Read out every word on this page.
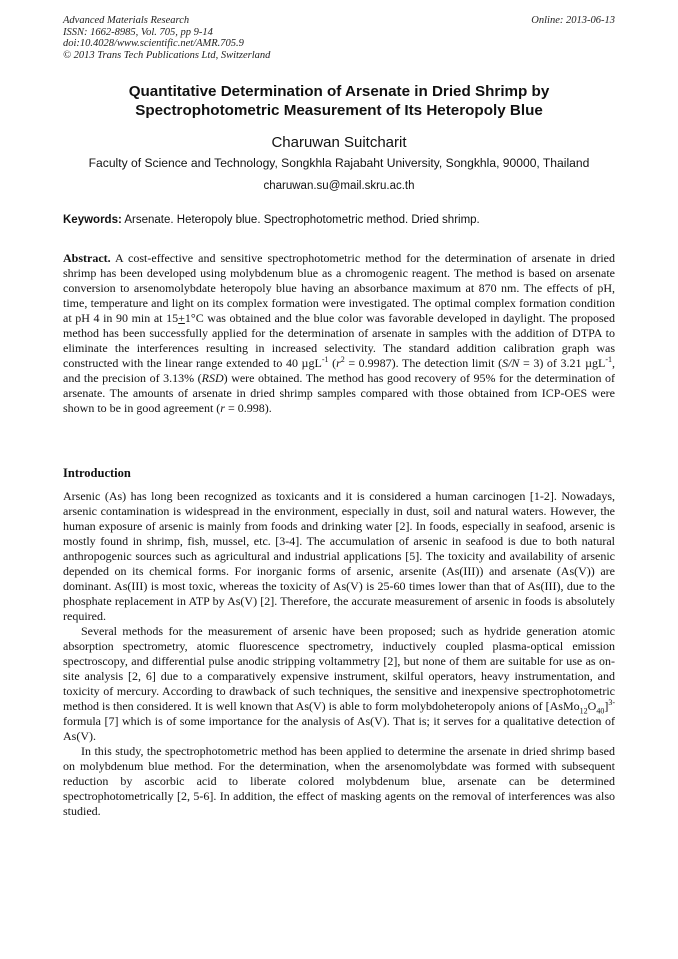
Advanced Materials Research
ISSN: 1662-8985, Vol. 705, pp 9-14
doi:10.4028/www.scientific.net/AMR.705.9
© 2013 Trans Tech Publications Ltd, Switzerland
Online: 2013-06-13
Quantitative Determination of Arsenate in Dried Shrimp by
Spectrophotometric Measurement of Its Heteropoly Blue
Charuwan Suitcharit
Faculty of Science and Technology, Songkhla Rajabaht University, Songkhla, 90000, Thailand
charuwan.su@mail.skru.ac.th
Keywords: Arsenate. Heteropoly blue. Spectrophotometric method. Dried shrimp.
Abstract. A cost-effective and sensitive spectrophotometric method for the determination of arsenate in dried shrimp has been developed using molybdenum blue as a chromogenic reagent. The method is based on arsenate conversion to arsenomolybdate heteropoly blue having an absorbance maximum at 870 nm. The effects of pH, time, temperature and light on its complex formation were investigated. The optimal complex formation condition at pH 4 in 90 min at 15+1°C was obtained and the blue color was favorable developed in daylight. The proposed method has been successfully applied for the determination of arsenate in samples with the addition of DTPA to eliminate the interferences resulting in increased selectivity. The standard addition calibration graph was constructed with the linear range extended to 40 µgL$^{-1}$ $(r^2 = 0.9987)$. The detection limit (S/N = 3) of 3.21 µgL$^{-1}$, and the precision of 3.13% (RSD) were obtained. The method has good recovery of 95% for the determination of arsenate. The amounts of arsenate in dried shrimp samples compared with those obtained from ICP-OES were shown to be in good agreement (r = 0.998).
Introduction

Arsenic (As) has long been recognized as toxicants and it is considered a human carcinogen [1-2]. Nowadays, arsenic contamination is widespread in the environment, especially in dust, soil and natural waters. However, the human exposure of arsenic is mainly from foods and drinking water [2]. In foods, especially in seafood, arsenic is mostly found in shrimp, fish, mussel, etc. [3-4]. The accumulation of arsenic in seafood is due to both natural anthropogenic sources such as agricultural and industrial applications [5]. The toxicity and availability of arsenic depended on its chemical forms. For inorganic forms of arsenic, arsenite (As(III)) and arsenate (As(V)) are dominant. As(III) is most toxic, whereas the toxicity of As(V) is 25-60 times lower than that of As(III), due to the phosphate replacement in ATP by As(V) [2]. Therefore, the accurate measurement of arsenic in foods is absolutely required.

Several methods for the measurement of arsenic have been proposed; such as hydride generation atomic absorption spectrometry, atomic fluorescence spectrometry, inductively coupled plasma-optical emission spectroscopy, and differential pulse anodic stripping voltammetry [2], but none of them are suitable for use as on-site analysis [2, 6] due to a comparatively expensive instrument, skilful operators, heavy instrumentation, and toxicity of mercury. According to drawback of such techniques, the sensitive and inexpensive spectrophotometric method is then considered. It is well known that As(V) is able to form molybdoheteropoly anions of $[AsMo_{12}O_{40}]^{3-}$ formula [7] which is of some importance for the analysis of As(V). That is; it serves for a qualitative detection of As(V).

In this study, the spectrophotometric method has been applied to determine the arsenate in dried shrimp based on molybdenum blue method. For the determination, when the arsenomolybdate was formed with subsequent reduction by ascorbic acid to liberate colored molybdenum blue, arsenate can be determined spectrophotometrically [2, 5-6]. In addition, the effect of masking agents on the removal of interferences was also studied.
